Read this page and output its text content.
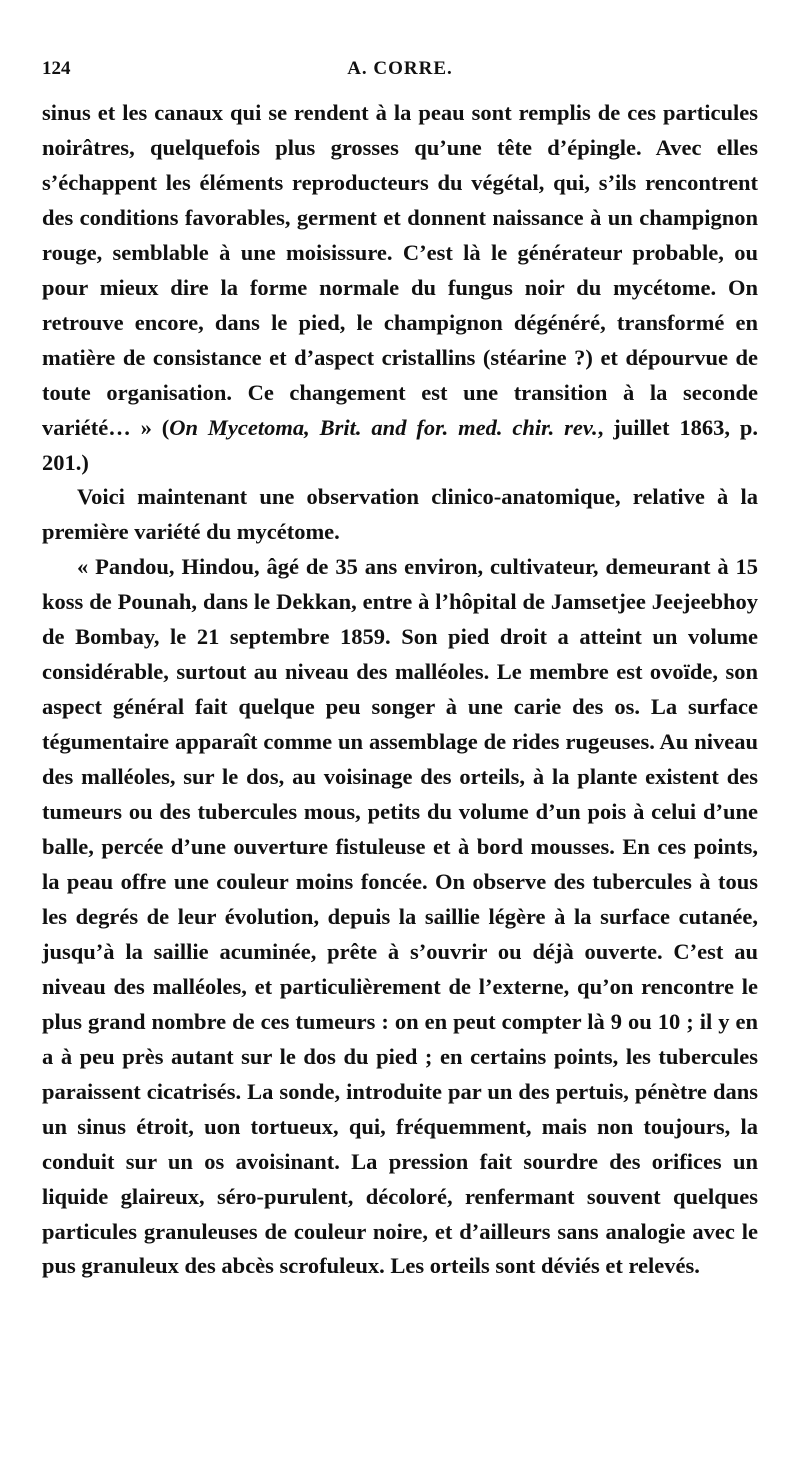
124	A. CORRE.

sinus et les canaux qui se rendent à la peau sont remplis de ces particules noirâtres, quelquefois plus grosses qu’une tête d’épingle. Avec elles s’échappent les éléments reproducteurs du végétal, qui, s’ils rencontrent des conditions favorables, germent et donnent naissance à un champignon rouge, semblable à une moisissure. C’est là le générateur probable, ou pour mieux dire la forme normale du fungus noir du mycétome. On retrouve encore, dans le pied, le champignon dégénéré, transformé en matière de consistance et d’aspect cristallins (stéarine ?) et dépourvue de toute organisation. Ce changement est une transition à la seconde variété… » (On Mycetoma, Brit. and for. med. chir. rev., juillet 1863, p. 201.)

Voici maintenant une observation clinico-anatomique, relative à la première variété du mycétome.

« Pandou, Hindou, âgé de 35 ans environ, cultivateur, demeurant à 15 koss de Pounah, dans le Dekkan, entre à l’hôpital de Jamsetjee Jeejeebhoy de Bombay, le 21 septembre 1859. Son pied droit a atteint un volume considérable, surtout au niveau des malléoles. Le membre est ovoïde, son aspect général fait quelque peu songer à une carie des os. La surface tégumentaire apparaît comme un assemblage de rides rugeuses. Au niveau des malléoles, sur le dos, au voisinage des orteils, à la plante existent des tumeurs ou des tubercules mous, petits du volume d’un pois à celui d’une balle, percée d’une ouverture fistuleuse et à bord mousses. En ces points, la peau offre une couleur moins foncée. On observe des tubercules à tous les degrés de leur évolution, depuis la saillie légère à la surface cutanée, jusqu’à la saillie acuminée, prête à s’ouvrir ou déjà ouverte. C’est au niveau des malléoles, et particulièrement de l’externe, qu’on rencontre le plus grand nombre de ces tumeurs : on en peut compter là 9 ou 10 ; il y en a à peu près autant sur le dos du pied ; en certains points, les tubercules paraissent cicatrisés. La sonde, introduite par un des pertuis, pénètre dans un sinus étroit, uon tortueux, qui, fréquemment, mais non toujours, la conduit sur un os avoisinant. La pression fait sourdre des orifices un liquide glaireux, séro-purulent, décoloré, renfermant souvent quelques particules granuleuses de couleur noire, et d’ailleurs sans analogie avec le pus granuleux des abcès scrofuleux. Les orteils sont déviés et relevés.
